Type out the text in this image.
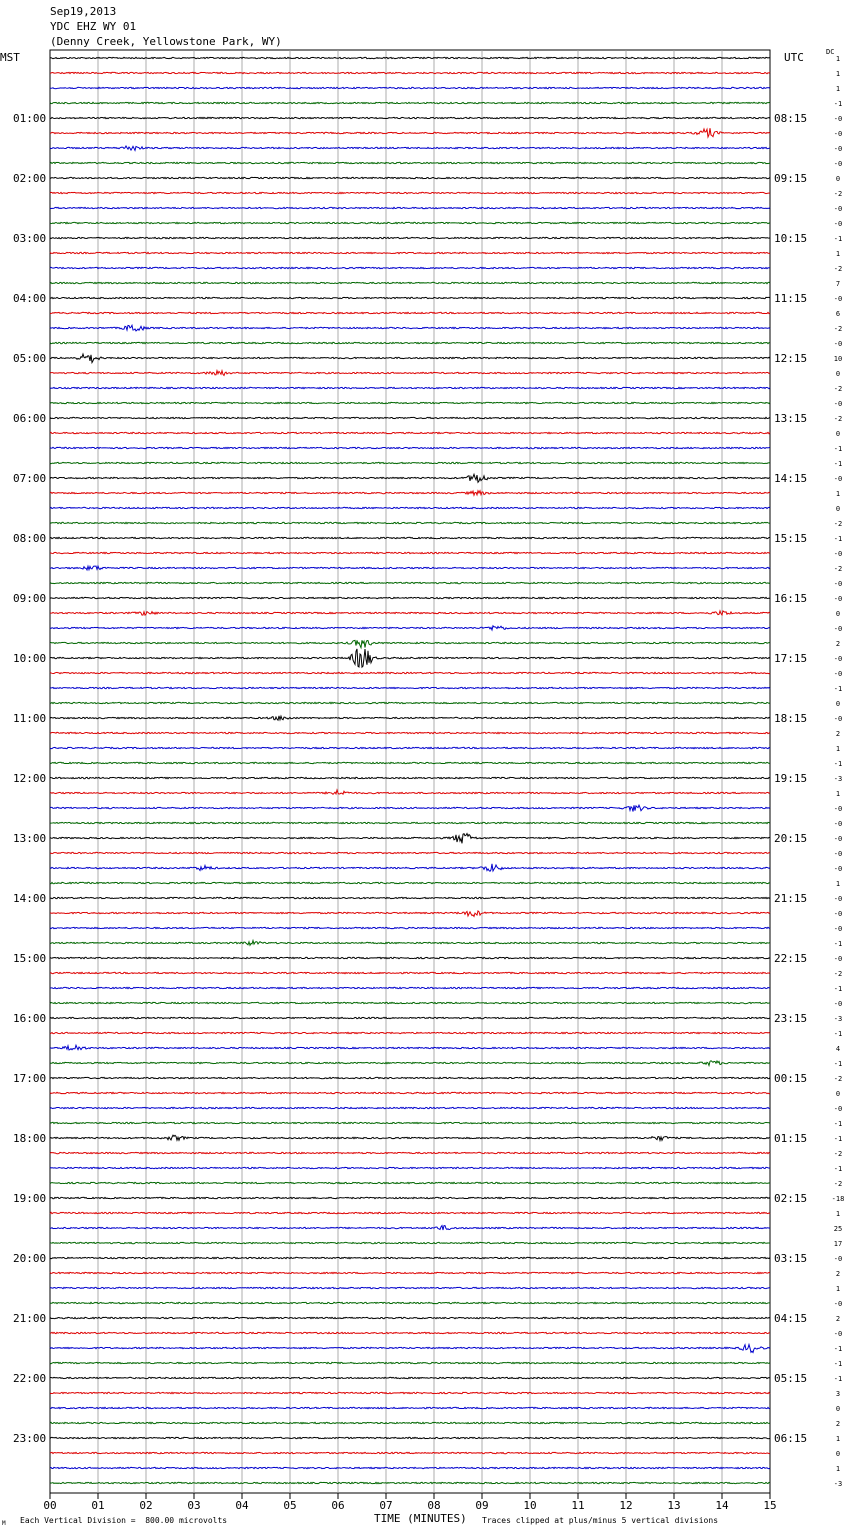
Sep19,2013
YDC EHZ WY 01
(Denny Creek, Yellowstone Park, WY)
MST	UTC	DC
1
1
1
-1
-0
-0
-0
-0
0
-2
-0
-0
-1
1
-2
7
-0
6
-2
-0
10
0
-2
-0
-2
0
-1
-1
-0
1
0
-2
-1
-0
-2
-0
-0
0
-0
2
-0
-0
-1
0
-0
2
1
-1
-3
1
-0
-0
-0
-0
-0
1
-0
-0
-0
-1
-0
-2
-1
-0
-3
-1
4
-1
-2
0
-0
-1
-1
-2
-1
-2
-18
1
25
17
-0
2
1
-0
2
-0
-1
-1
-1
3
0
2
1
0
1
-3
01:00
02:00
03:00
04:00
05:00
06:00
07:00
08:00
09:00
10:00
11:00
12:00
13:00
14:00
15:00
16:00
17:00
18:00
19:00
20:00
21:00
22:00
23:00
08:15
09:15
10:15
11:15
12:15
13:15
14:15
15:15
16:15
17:15
18:15
19:15
20:15
21:15
22:15
23:15
00:15
01:15
02:15
03:15
04:15
05:15
06:15
00	01	02	03	04	05	06	07	08	09	10	11	12	13	14	15
TIME (MINUTES)
Each Vertical Division =  800.00 microvolts	Traces clipped at plus/minus 5 vertical divisions
M
